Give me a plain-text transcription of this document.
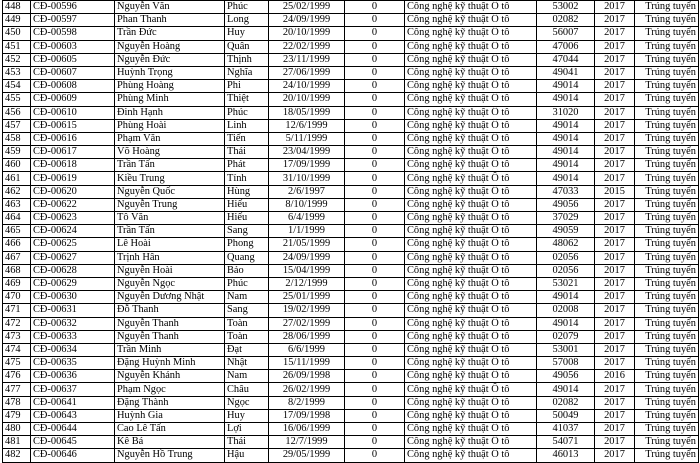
448	CĐ-00596	Nguyễn Văn	Phúc	25/02/1999	0	Công nghệ kỹ thuật Ô tô	53002	2017	Trúng tuyển
449	CĐ-00597	Phan Thanh	Long	24/09/1999	0	Công nghệ kỹ thuật Ô tô	02082	2017	Trúng tuyển
450	CĐ-00598	Trần Đức	Huy	20/10/1999	0	Công nghệ kỹ thuật Ô tô	56007	2017	Trúng tuyển
451	CĐ-00603	Nguyễn Hoàng	Quân	22/02/1999	0	Công nghệ kỹ thuật Ô tô	47006	2017	Trúng tuyển
452	CĐ-00605	Nguyễn Đức	Thịnh	23/11/1999	0	Công nghệ kỹ thuật Ô tô	47044	2017	Trúng tuyển
453	CĐ-00607	Huỳnh Trọng	Nghĩa	27/06/1999	0	Công nghệ kỹ thuật Ô tô	49041	2017	Trúng tuyển
454	CĐ-00608	Phùng Hoàng	Phi	24/10/1999	0	Công nghệ kỹ thuật Ô tô	49014	2017	Trúng tuyển
455	CĐ-00609	Phùng Minh	Thiệt	20/10/1999	0	Công nghệ kỹ thuật Ô tô	49014	2017	Trúng tuyển
456	CĐ-00610	Đinh Hạnh	Phúc	18/05/1999	0	Công nghệ kỹ thuật Ô tô	31020	2017	Trúng tuyển
457	CĐ-00615	Phùng Hoài	Linh	12/6/1999	0	Công nghệ kỹ thuật Ô tô	49014	2017	Trúng tuyển
458	CĐ-00616	Phạm Văn	Tiến	5/11/1999	0	Công nghệ kỹ thuật Ô tô	49014	2017	Trúng tuyển
459	CĐ-00617	Võ Hoàng	Thái	23/04/1999	0	Công nghệ kỹ thuật Ô tô	49014	2017	Trúng tuyển
460	CĐ-00618	Trần Tấn	Phát	17/09/1999	0	Công nghệ kỹ thuật Ô tô	49014	2017	Trúng tuyển
461	CĐ-00619	Kiều Trung	Tính	31/10/1999	0	Công nghệ kỹ thuật Ô tô	49014	2017	Trúng tuyển
462	CĐ-00620	Nguyễn Quốc	Hùng	2/6/1997	0	Công nghệ kỹ thuật Ô tô	47033	2015	Trúng tuyển
463	CĐ-00622	Nguyễn Trung	Hiếu	8/10/1999	0	Công nghệ kỹ thuật Ô tô	49056	2017	Trúng tuyển
464	CĐ-00623	Tô Văn	Hiếu	6/4/1999	0	Công nghệ kỹ thuật Ô tô	37029	2017	Trúng tuyển
465	CĐ-00624	Trần Tấn	Sang	1/1/1999	0	Công nghệ kỹ thuật Ô tô	49059	2017	Trúng tuyển
466	CĐ-00625	Lê Hoài	Phong	21/05/1999	0	Công nghệ kỹ thuật Ô tô	48062	2017	Trúng tuyển
467	CĐ-00627	Trịnh Hân	Quang	24/09/1999	0	Công nghệ kỹ thuật Ô tô	02056	2017	Trúng tuyển
468	CĐ-00628	Nguyễn Hoài	Bảo	15/04/1999	0	Công nghệ kỹ thuật Ô tô	02056	2017	Trúng tuyển
469	CĐ-00629	Nguyễn Ngọc	Phúc	2/12/1999	0	Công nghệ kỹ thuật Ô tô	53021	2017	Trúng tuyển
470	CĐ-00630	Nguyễn Dương Nhật	Nam	25/01/1999	0	Công nghệ kỹ thuật Ô tô	49014	2017	Trúng tuyển
471	CĐ-00631	Đỗ Thanh	Sang	19/02/1999	0	Công nghệ kỹ thuật Ô tô	02008	2017	Trúng tuyển
472	CĐ-00632	Nguyễn Thanh	Toàn	27/02/1999	0	Công nghệ kỹ thuật Ô tô	49014	2017	Trúng tuyển
473	CĐ-00633	Nguyễn Thanh	Toàn	28/06/1999	0	Công nghệ kỹ thuật Ô tô	02079	2017	Trúng tuyển
474	CĐ-00634	Trần Minh	Đạt	6/6/1999	0	Công nghệ kỹ thuật Ô tô	53001	2017	Trúng tuyển
475	CĐ-00635	Đặng Huỳnh Minh	Nhật	15/11/1999	0	Công nghệ kỹ thuật Ô tô	57008	2017	Trúng tuyển
476	CĐ-00636	Nguyễn Khánh	Nam	26/09/1998	0	Công nghệ kỹ thuật Ô tô	49056	2016	Trúng tuyển
477	CĐ-00637	Phạm Ngọc	Châu	26/02/1999	0	Công nghệ kỹ thuật Ô tô	49014	2017	Trúng tuyển
478	CĐ-00641	Đặng Thành	Ngọc	8/2/1999	0	Công nghệ kỹ thuật Ô tô	02082	2017	Trúng tuyển
479	CĐ-00643	Huỳnh Gia	Huy	17/09/1998	0	Công nghệ kỹ thuật Ô tô	50049	2017	Trúng tuyển
480	CĐ-00644	Cao Lê Tấn	Lợi	16/06/1999	0	Công nghệ kỹ thuật Ô tô	41037	2017	Trúng tuyển
481	CĐ-00645	Kê Bá	Thái	12/7/1999	0	Công nghệ kỹ thuật Ô tô	54071	2017	Trúng tuyển
482	CĐ-00646	Nguyễn Hồ Trung	Hậu	29/05/1999	0	Công nghệ kỹ thuật Ô tô	46013	2017	Trúng tuyển
